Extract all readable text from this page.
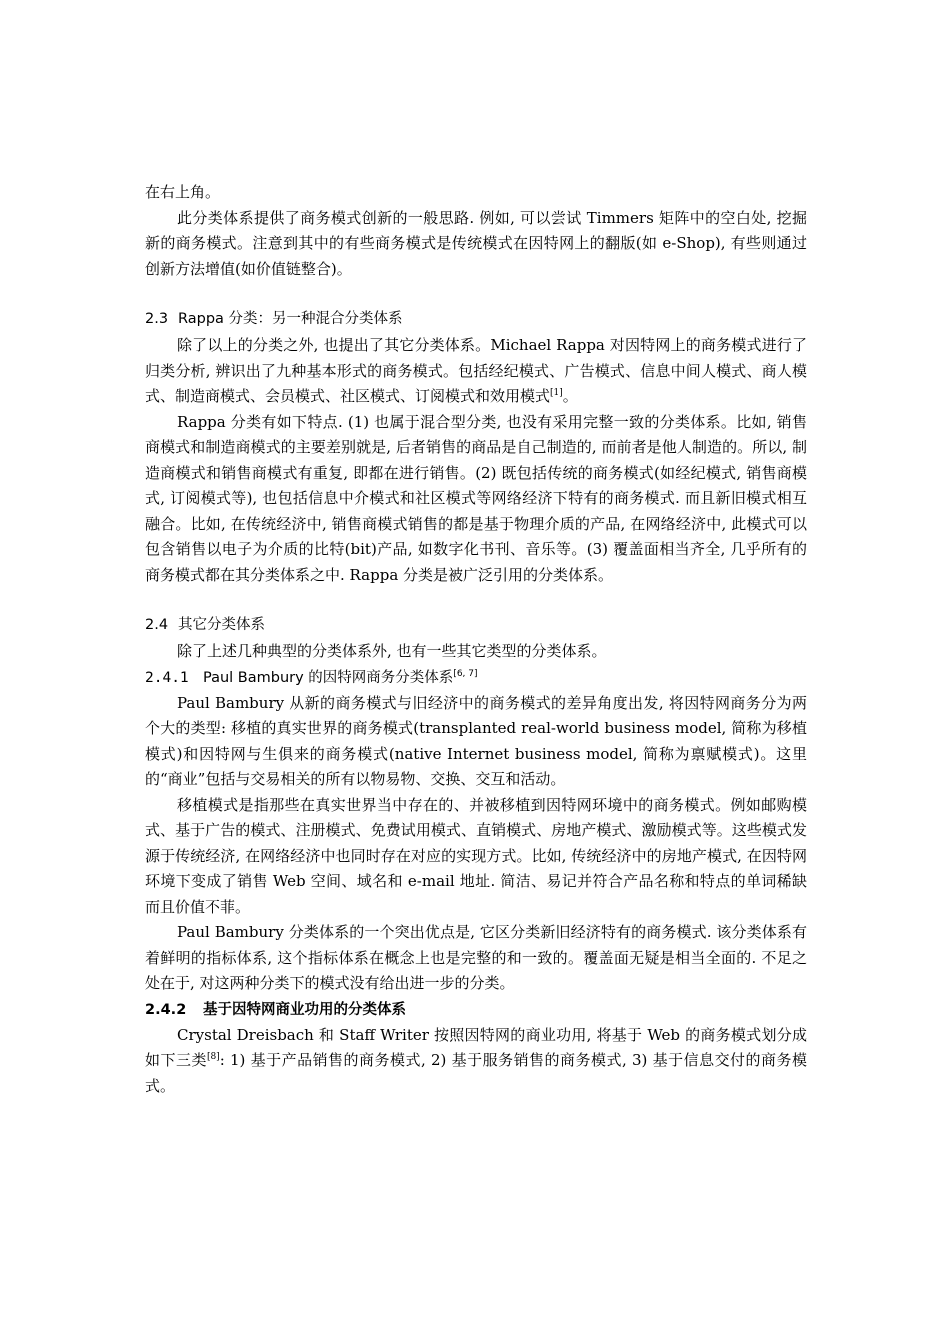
在右上角。

此分类体系提供了商务模式创新的一般思路. 例如, 可以尝试 Timmers 矩阵中的空白处, 挖掘新的商务模式。注意到其中的有些商务模式是传统模式在因特网上的翻版(如 e-Shop), 有些则通过创新方法增值(如价值链整合)。

2.3 Rappa 分类：另一种混合分类体系

除了以上的分类之外, 也提出了其它分类体系。Michael Rappa 对因特网上的商务模式进行了归类分析, 辨识出了九种基本形式的商务模式。包括经纪模式、广告模式、信息中间人模式、商人模式、制造商模式、会员模式、社区模式、订阅模式和效用模式[1]。

Rappa 分类有如下特点. (1) 也属于混合型分类, 也没有采用完整一致的分类体系。比如, 销售商模式和制造商模式的主要差别就是, 后者销售的商品是自己制造的, 而前者是他人制造的。所以, 制造商模式和销售商模式有重复, 即都在进行销售。(2) 既包括传统的商务模式(如经纪模式, 销售商模式, 订阅模式等), 也包括信息中介模式和社区模式等网络经济下特有的商务模式. 而且新旧模式相互融合。比如, 在传统经济中, 销售商模式销售的都是基于物理介质的产品, 在网络经济中, 此模式可以包含销售以电子为介质的比特(bit)产品, 如数字化书刊、音乐等。(3) 覆盖面相当齐全, 几乎所有的商务模式都在其分类体系之中. Rappa 分类是被广泛引用的分类体系。

2.4 其它分类体系

除了上述几种典型的分类体系外, 也有一些其它类型的分类体系。

2.4.1 Paul Bambury 的因特网商务分类体系[6, 7]

Paul Bambury 从新的商务模式与旧经济中的商务模式的差异角度出发, 将因特网商务分为两个大的类型: 移植的真实世界的商务模式(transplanted real-world business model, 简称为移植模式)和因特网与生俱来的商务模式(native Internet business model, 简称为禀赋模式)。这里的“商业”包括与交易相关的所有以物易物、交换、交互和活动。

移植模式是指那些在真实世界当中存在的、并被移植到因特网环境中的商务模式。例如邮购模式、基于广告的模式、注册模式、免费试用模式、直销模式、房地产模式、激励模式等。这些模式发源于传统经济, 在网络经济中也同时存在对应的实现方式。比如, 传统经济中的房地产模式, 在因特网环境下变成了销售 Web 空间、域名和 e-mail 地址. 简洁、易记并符合产品名称和特点的单词稀缺而且价值不菲。

Paul Bambury 分类体系的一个突出优点是, 它区分类新旧经济特有的商务模式. 该分类体系有着鲜明的指标体系, 这个指标体系在概念上也是完整的和一致的。覆盖面无疑是相当全面的. 不足之处在于, 对这两种分类下的模式没有给出进一步的分类。

2.4.2 基于因特网商业功用的分类体系

Crystal Dreisbach 和 Staff Writer 按照因特网的商业功用, 将基于 Web 的商务模式划分成如下三类[8]: 1) 基于产品销售的商务模式, 2) 基于服务销售的商务模式, 3) 基于信息交付的商务模式。
